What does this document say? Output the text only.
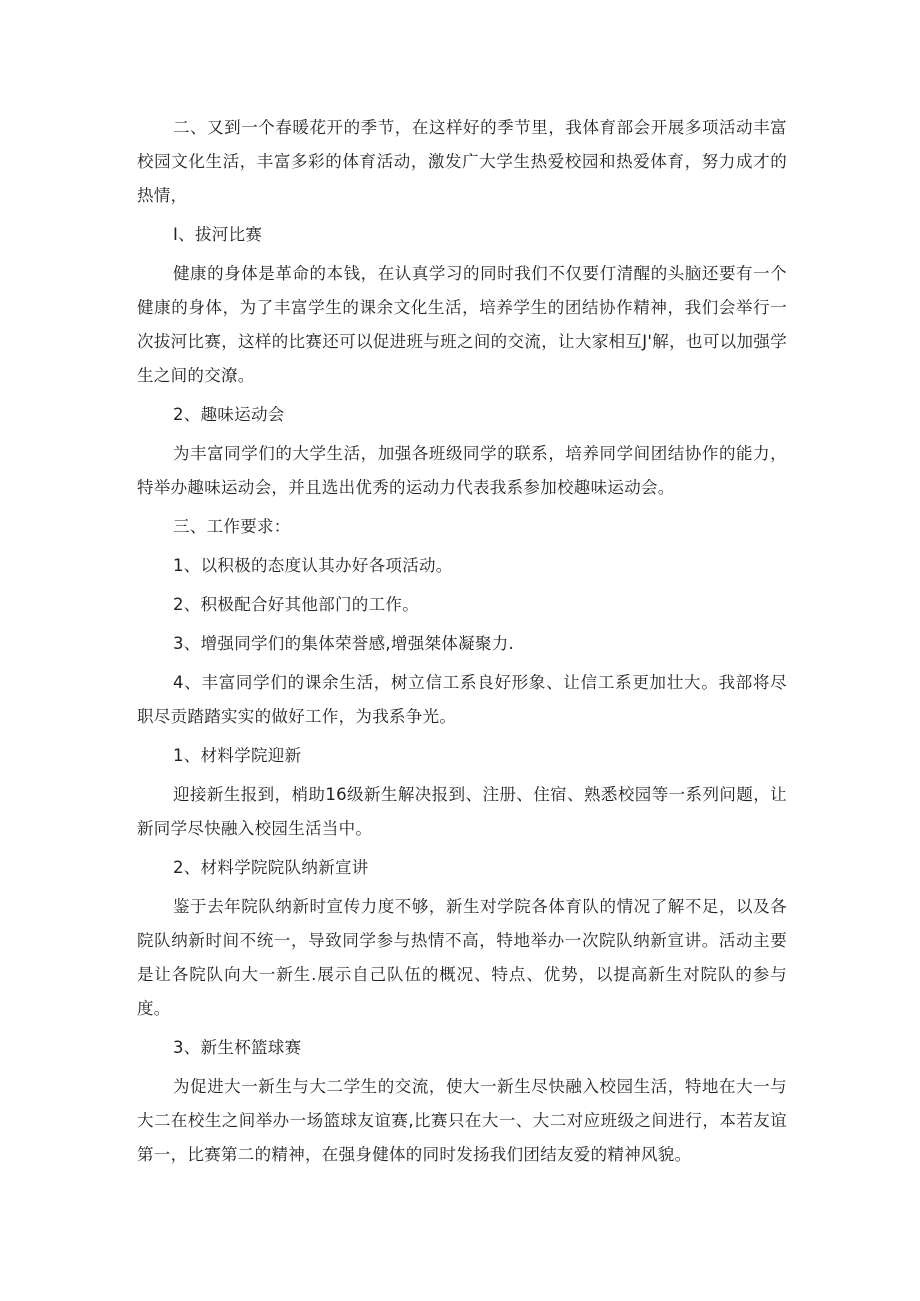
二、又到一个春暖花开的季节，在这样好的季节里，我体育部会开展多项活动丰富校园文化生活，丰富多彩的体育活动，激发广大学生热爱校园和热爱体育，努力成才的热情，

I、拔河比赛

健康的身体是革命的本钱，在认真学习的同时我们不仅要仃清醒的头脑还要有一个健康的身体，为了丰富学生的课余文化生活，培养学生的团结协作精神，我们会举行一次拔河比赛，这样的比赛还可以促进班与班之间的交流，让大家相互J'解，也可以加强学生之间的交潦。

2、趣味运动会

为丰富同学们的大学生活，加强各班级同学的联系，培养同学间团结协作的能力，特举办趣味运动会，并且选出优秀的运动力代表我系参加校趣味运动会。

三、工作要求：

1、以积极的态度认其办好各项活动。

2、积极配合好其他部门的工作。

3、增强同学们的集体荣誉感,增强桀体凝聚力.

4、丰富同学们的课余生活，树立信工系良好形象、让信工系更加壮大。我部将尽职尽贡踏踏实实的做好工作，为我系争光。

1、材料学院迎新

迎接新生报到，梢助16级新生解决报到、注册、住宿、熟悉校园等一系列问题，让新同学尽快融入校园生活当中。

2、材料学院院队纳新宣讲

鉴于去年院队纳新时宣传力度不够，新生对学院各体育队的情况了解不足，以及各院队纳新时间不统一，导致同学参与热情不高，特地举办一次院队纳新宣讲。活动主要是让各院队向大一新生.展示自己队伍的概况、特点、优势，以提高新生对院队的参与度。

3、新生杯篮球赛

为促进大一新生与大二学生的交流，使大一新生尽快融入校园生活，特地在大一与大二在校生之间举办一场篮球友谊赛,比赛只在大一、大二对应班级之间进行，本若友谊第一，比赛第二的精神，在强身健体的同时发扬我们团结友爱的精神风貌。
